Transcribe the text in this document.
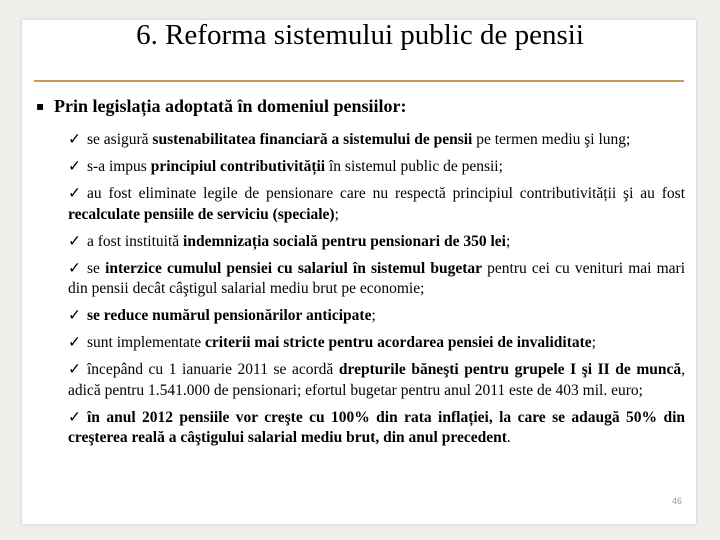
6. Reforma sistemului public de pensii
▪ Prin legislația adoptată în domeniul pensiilor:
✓ se asigură sustenabilitatea financiară a sistemului de pensii pe termen mediu şi lung;
✓ s-a impus principiul contributivității în sistemul public de pensii;
✓ au fost eliminate legile de pensionare care nu respectă principiul contributivității şi au fost recalculate pensiile de serviciu (speciale);
✓ a fost instituită indemnizația socială pentru pensionari de 350 lei;
✓ se interzice cumulul pensiei cu salariul în sistemul bugetar pentru cei cu venituri mai mari din pensii decât câştigul salarial mediu brut pe economie;
✓ se reduce numărul pensionărilor anticipate;
✓ sunt implementate criterii mai stricte pentru acordarea pensiei de invaliditate;
✓ începând cu 1 ianuarie 2011 se acordă drepturile băneşti pentru grupele I şi II de muncă, adică pentru 1.541.000 de pensionari; efortul bugetar pentru anul 2011 este de 403 mil. euro;
✓ în anul 2012 pensiile vor creşte cu 100% din rata inflației, la care se adaugă 50% din creşterea reală a câştigului salarial mediu brut, din anul precedent.
46
